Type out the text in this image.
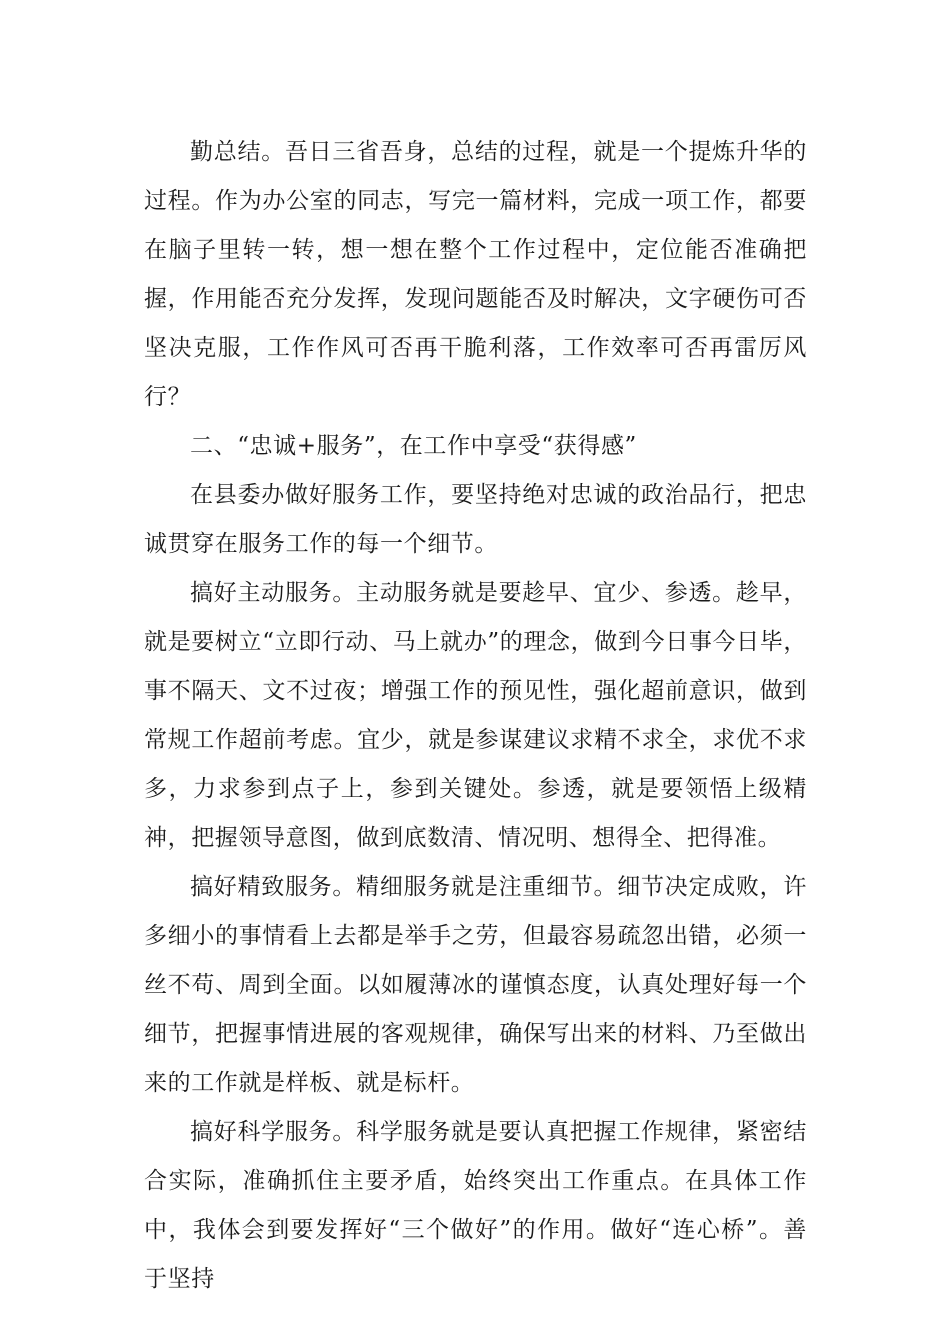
勤总结。吾日三省吾身，总结的过程，就是一个提炼升华的过程。作为办公室的同志，写完一篇材料，完成一项工作，都要在脑子里转一转，想一想在整个工作过程中，定位能否准确把握，作用能否充分发挥，发现问题能否及时解决，文字硬伤可否坚决克服，工作作风可否再干脆利落，工作效率可否再雷厉风行？

二、“忠诚+服务”，在工作中享受“获得感”

在县委办做好服务工作，要坚持绝对忠诚的政治品行，把忠诚贯穿在服务工作的每一个细节。

搞好主动服务。主动服务就是要趁早、宜少、参透。趁早，就是要树立“立即行动、马上就办”的理念，做到今日事今日毕，事不隔天、文不过夜；增强工作的预见性，强化超前意识，做到常规工作超前考虑。宜少，就是参谋建议求精不求全，求优不求多，力求参到点子上，参到关键处。参透，就是要领悟上级精神，把握领导意图，做到底数清、情况明、想得全、把得准。

搞好精致服务。精细服务就是注重细节。细节决定成败，许多细小的事情看上去都是举手之劳，但最容易疏忽出错，必须一丝不苟、周到全面。以如履薄冰的谨慎态度，认真处理好每一个细节，把握事情进展的客观规律，确保写出来的材料、乃至做出来的工作就是样板、就是标杆。

搞好科学服务。科学服务就是要认真把握工作规律，紧密结合实际，准确抓住主要矛盾，始终突出工作重点。在具体工作中，我体会到要发挥好“三个做好”的作用。做好“连心桥”。善于坚持
